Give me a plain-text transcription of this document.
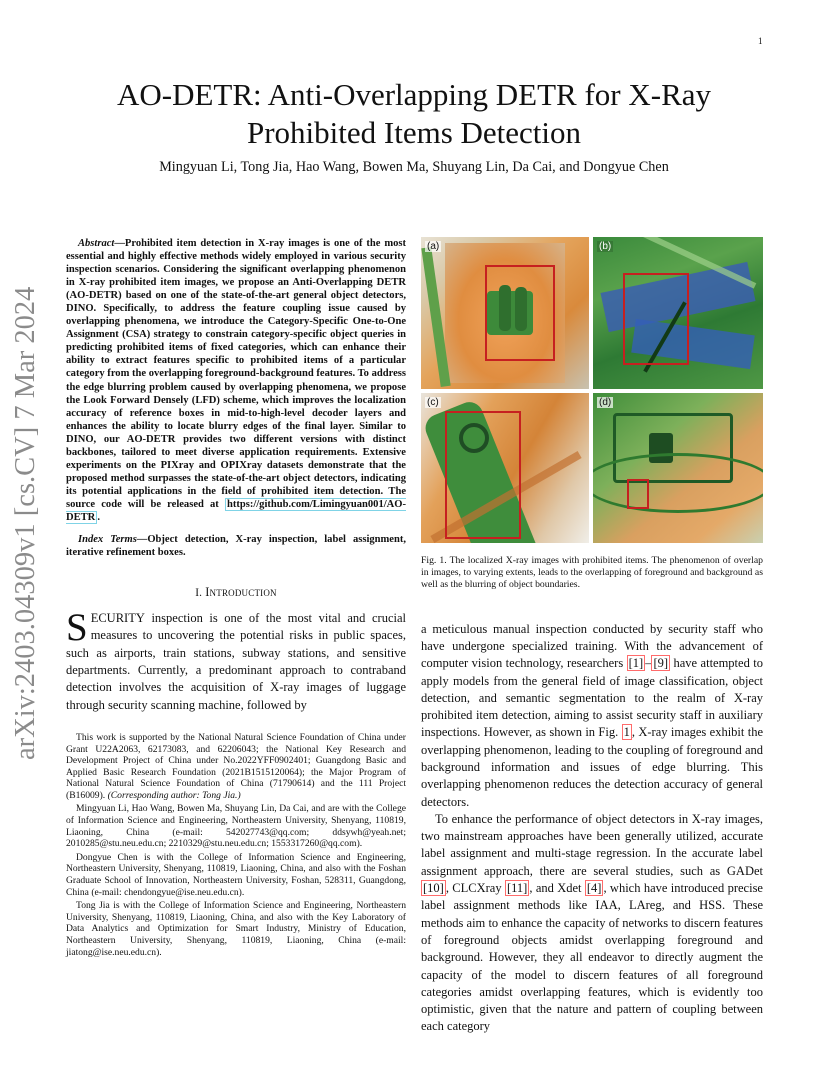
1
arXiv:2403.04309v1 [cs.CV] 7 Mar 2024
AO-DETR: Anti-Overlapping DETR for X-Ray
Prohibited Items Detection
Mingyuan Li, Tong Jia, Hao Wang, Bowen Ma, Shuyang Lin, Da Cai, and Dongyue Chen

Abstract—Prohibited item detection in X-ray images is one of the most essential and highly effective methods widely employed in various security inspection scenarios. Considering the significant overlapping phenomenon in X-ray prohibited item images, we propose an Anti-Overlapping DETR (AO-DETR) based on one of the state-of-the-art general object detectors, DINO. Specifically, to address the feature coupling issue caused by overlapping phenomena, we introduce the Category-Specific One-to-One Assignment (CSA) strategy to constrain category-specific object queries in predicting prohibited items of fixed categories, which can enhance their ability to extract features specific to prohibited items of a particular category from the overlapping foreground-background features. To address the edge blurring problem caused by overlapping phenomena, we propose the Look Forward Densely (LFD) scheme, which improves the localization accuracy of reference boxes in mid-to-high-level decoder layers and enhances the ability to locate blurry edges of the final layer. Similar to DINO, our AO-DETR provides two different versions with distinct backbones, tailored to meet diverse application requirements. Extensive experiments on the PIXray and OPIXray datasets demonstrate that the proposed method surpasses the state-of-the-art object detectors, indicating its potential applications in the field of prohibited item detection. The source code will be released at https://github.com/Limingyuan001/AO-DETR .

Index Terms—Object detection, X-ray inspection, label assignment, iterative refinement boxes.

I. Introduction

SECURITY inspection is one of the most vital and crucial measures to uncovering the potential risks in public spaces, such as airports, train stations, subway stations, and sensitive departments. Currently, a predominant approach to contraband detection involves the acquisition of X-ray images of luggage through security scanning machine, followed by

This work is supported by the National Natural Science Foundation of China under Grant U22A2063, 62173083, and 62206043; the National Key Research and Development Project of China under No.2022YFF0902401; Guangdong Basic and Applied Basic Research Foundation (2021B1515120064); the Major Program of National Natural Science Foundation of China (71790614) and the 111 Project (B16009). (Corresponding author: Tong Jia.)

Mingyuan Li, Hao Wang, Bowen Ma, Shuyang Lin, Da Cai, and are with the College of Information Science and Engineering, Northeastern University, Shenyang, 110819, Liaoning, China (e-mail: 542027743@qq.com; ddsywh@yeah.net; 2010285@stu.neu.edu.cn; 2210329@stu.neu.edu.cn; 1553317260@qq.com).

Dongyue Chen is with the College of Information Science and Engineering, Northeastern University, Shenyang, 110819, Liaoning, China, and also with the Foshan Graduate School of Innovation, Northeastern University, Foshan, 528311, Guangdong, China (e-mail: chendongyue@ise.neu.edu.cn).

Tong Jia is with the College of Information Science and Engineering, Northeastern University, Shenyang, 110819, Liaoning, China, and also with the Key Laboratory of Data Analytics and Optimization for Smart Industry, Ministry of Education, Northeastern University, Shenyang, 110819, Liaoning, China (e-mail: jiatong@ise.neu.edu.cn).

(a)	(b)
(c)	(d)

Fig. 1. The localized X-ray images with prohibited items. The phenomenon of overlap in images, to varying extents, leads to the overlapping of foreground and background as well as the blurring of object boundaries.

a meticulous manual inspection conducted by security staff who have undergone specialized training. With the advancement of computer vision technology, researchers [1] – [9] have attempted to apply models from the general field of image classification, object detection, and semantic segmentation to the realm of X-ray prohibited item detection, aiming to assist security staff in auxiliary inspections. However, as shown in Fig. 1 , X-ray images exhibit the overlapping phenomenon, leading to the coupling of foreground and background information and issues of edge blurring. This overlapping phenomenon reduces the detection accuracy of general detectors.

To enhance the performance of object detectors in X-ray images, two mainstream approaches have been generally utilized, accurate label assignment and multi-stage regression. In the accurate label assignment approach, there are several studies, such as GADet [10] , CLCXray [11] , and Xdet [4] , which have introduced precise label assignment methods like IAA, LAreg, and HSS. These methods aim to enhance the capacity of networks to discern features of foreground objects amidst overlapping foreground and background. However, they all endeavor to directly augment the capacity of the model to discern features of all foreground categories amidst overlapping features, which is evidently too optimistic, given that the nature and pattern of coupling between each category
